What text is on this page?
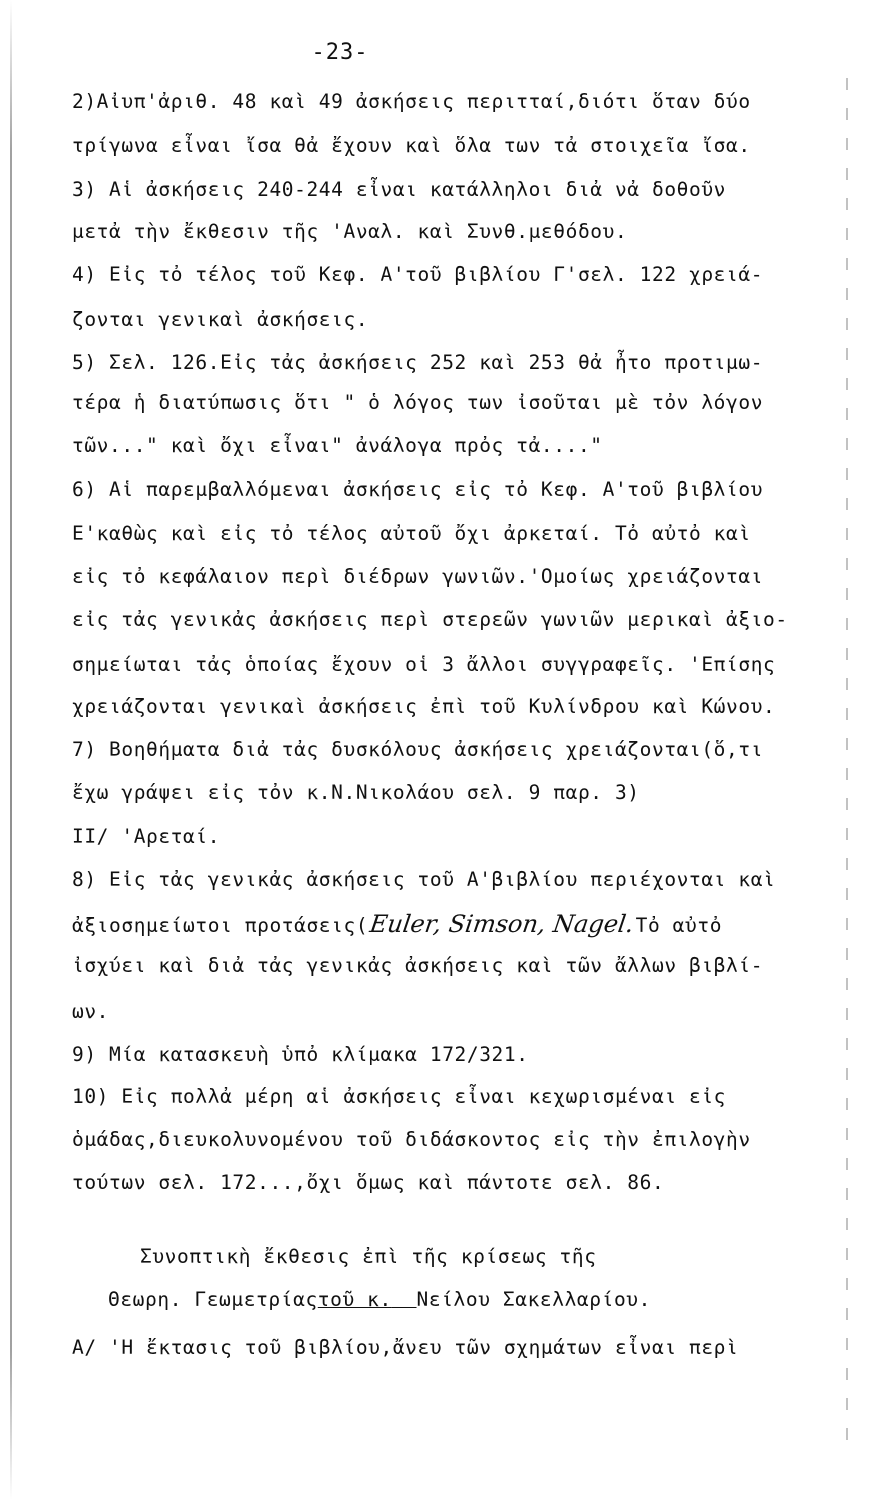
-23-
2)Αἰυπ'ἀριθ. 48 καὶ 49 ἀσκήσεις περιτταί,διότι ὅταν δύο
τρίγωνα εἶναι ἴσα θἀ ἔχουν καὶ ὅλα των τἀ στοιχεῖα ἴσα.
3) Αἱ ἀσκήσεις 240-244 εἶναι κατάλληλοι διἀ νἀ δοθοῦν
μετἀ τὴν ἔκθεσιν τῆς 'Αναλ. καὶ Συνθ.μεθόδου.
4) Εἰς τὀ τέλος τοῦ Κεφ. Α'τοῦ βιβλίου Γ'σελ. 122 χρειά-
ζονται γενικαὶ ἀσκήσεις.
5) Σελ. 126.Εἰς τἀς ἀσκήσεις 252 καὶ 253 θἀ ἦτο προτιμω-
τέρα ἡ διατύπωσις ὅτι " ὁ λόγος των ἰσοῦται μὲ τὀν λόγον
τῶν..." καὶ ὄχι εἶναι" ἀνάλογα πρὀς τἀ...."
6) Αἱ παρεμβαλλόμεναι ἀσκήσεις εἰς τὀ Κεφ. Α'τοῦ βιβλίου
Ε'καθὼς καὶ εἰς τὀ τέλος αὐτοῦ ὄχι ἀρκεταί. Τὀ αὐτὀ καὶ
εἰς τὀ κεφάλαιον περὶ διέδρων γωνιῶν.'Ομοίως χρειάζονται
εἰς τἀς γενικἀς ἀσκήσεις περὶ στερεῶν γωνιῶν μερικαὶ ἀξιο-
σημείωται τἀς ὁποίας ἔχουν οἱ 3 ἄλλοι συγγραφεῖς. 'Επίσης
χρειάζονται γενικαὶ ἀσκήσεις ἐπὶ τοῦ Κυλίνδρου καὶ Κώνου.
7) Βοηθήματα διἀ τἀς δυσκόλους ἀσκήσεις χρειάζονται(ὅ,τι
ἔχω γράψει εἰς τὀν κ.Ν.Νικολάου σελ. 9 παρ. 3)
ΙΙ/ 'Αρεταί.
8) Εἰς τἀς γενικἀς ἀσκήσεις τοῦ Α'βιβλίου περιέχονται καὶ
ἀξιοσημείωτοι προτάσεις(Euler, Simson, Nagel.Τὀ αὐτὀ
ἰσχύει καὶ διἀ τἀς γενικἀς ἀσκήσεις καὶ τῶν ἄλλων βιβλί-
ων.
9) Μία κατασκευὴ ὑπὀ κλίμακα 172/321.
10) Εἰς πολλἀ μέρη αἱ ἀσκήσεις εἶναι κεχωρισμέναι εἰς
ὁμάδας,διευκολυνομένου τοῦ διδάσκοντος εἰς τὴν ἐπιλογὴν
τούτων σελ. 172...,ὄχι ὅμως καὶ πάντοτε σελ. 86.
Συνοπτικὴ ἔκθεσις ἐπὶ τῆς κρίσεως τῆς
Θεωρη. Γεωμετρίαςτοῦ κ. Νείλου Σακελλαρίου.
Α/ 'Η ἔκτασις τοῦ βιβλίου,ἄνευ τῶν σχημάτων εἶναι περὶ
